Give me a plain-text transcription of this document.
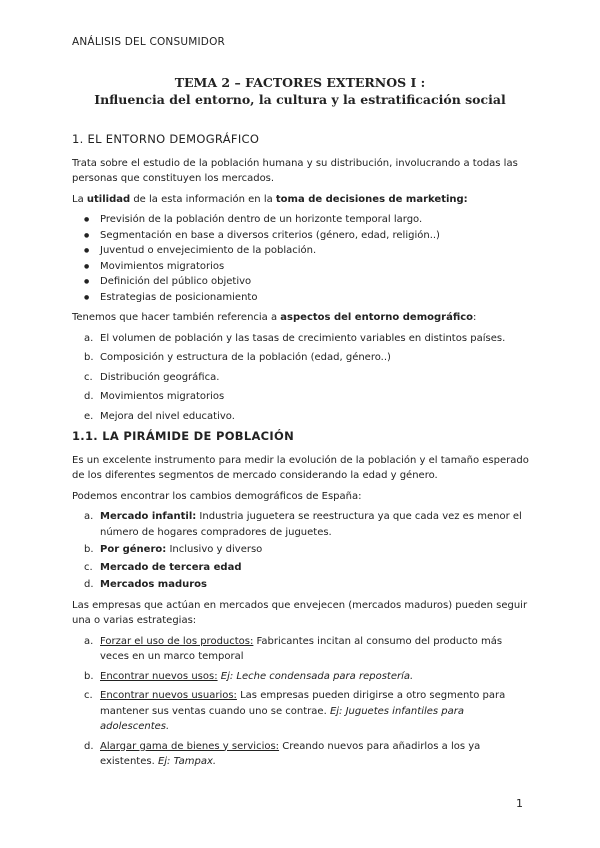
ANÁLISIS DEL CONSUMIDOR
TEMA 2 – FACTORES EXTERNOS I :
Influencia del entorno, la cultura y la estratificación social
1. EL ENTORNO DEMOGRÁFICO

Trata sobre el estudio de la población humana y su distribución, involucrando a todas las personas que constituyen los mercados.

La utilidad de la esta información en la toma de decisiones de marketing:

● Previsión de la población dentro de un horizonte temporal largo.
● Segmentación en base a diversos criterios (género, edad, religión..)
● Juventud o envejecimiento de la población.
● Movimientos migratorios
● Definición del público objetivo
● Estrategias de posicionamiento

Tenemos que hacer también referencia a aspectos del entorno demográfico:

a. El volumen de población y las tasas de crecimiento variables en distintos países.
b. Composición y estructura de la población (edad, género..)
c. Distribución geográfica.
d. Movimientos migratorios
e. Mejora del nivel educativo.
1.1. LA PIRÁMIDE DE POBLACIÓN

Es un excelente instrumento para medir la evolución de la población y el tamaño esperado de los diferentes segmentos de mercado considerando la edad y género.

Podemos encontrar los cambios demográficos de España:

a. Mercado infantil: Industria juguetera se reestructura ya que cada vez es menor el número de hogares compradores de juguetes.
b. Por género: Inclusivo y diverso
c. Mercado de tercera edad
d. Mercados maduros

Las empresas que actúan en mercados que envejecen (mercados maduros) pueden seguir una o varias estrategias:

a. Forzar el uso de los productos: Fabricantes incitan al consumo del producto más veces en un marco temporal
b. Encontrar nuevos usos: Ej: Leche condensada para repostería.
c. Encontrar nuevos usuarios: Las empresas pueden dirigirse a otro segmento para mantener sus ventas cuando uno se contrae. Ej: Juguetes infantiles para adolescentes.
d. Alargar gama de bienes y servicios: Creando nuevos para añadirlos a los ya existentes. Ej: Tampax.
1
